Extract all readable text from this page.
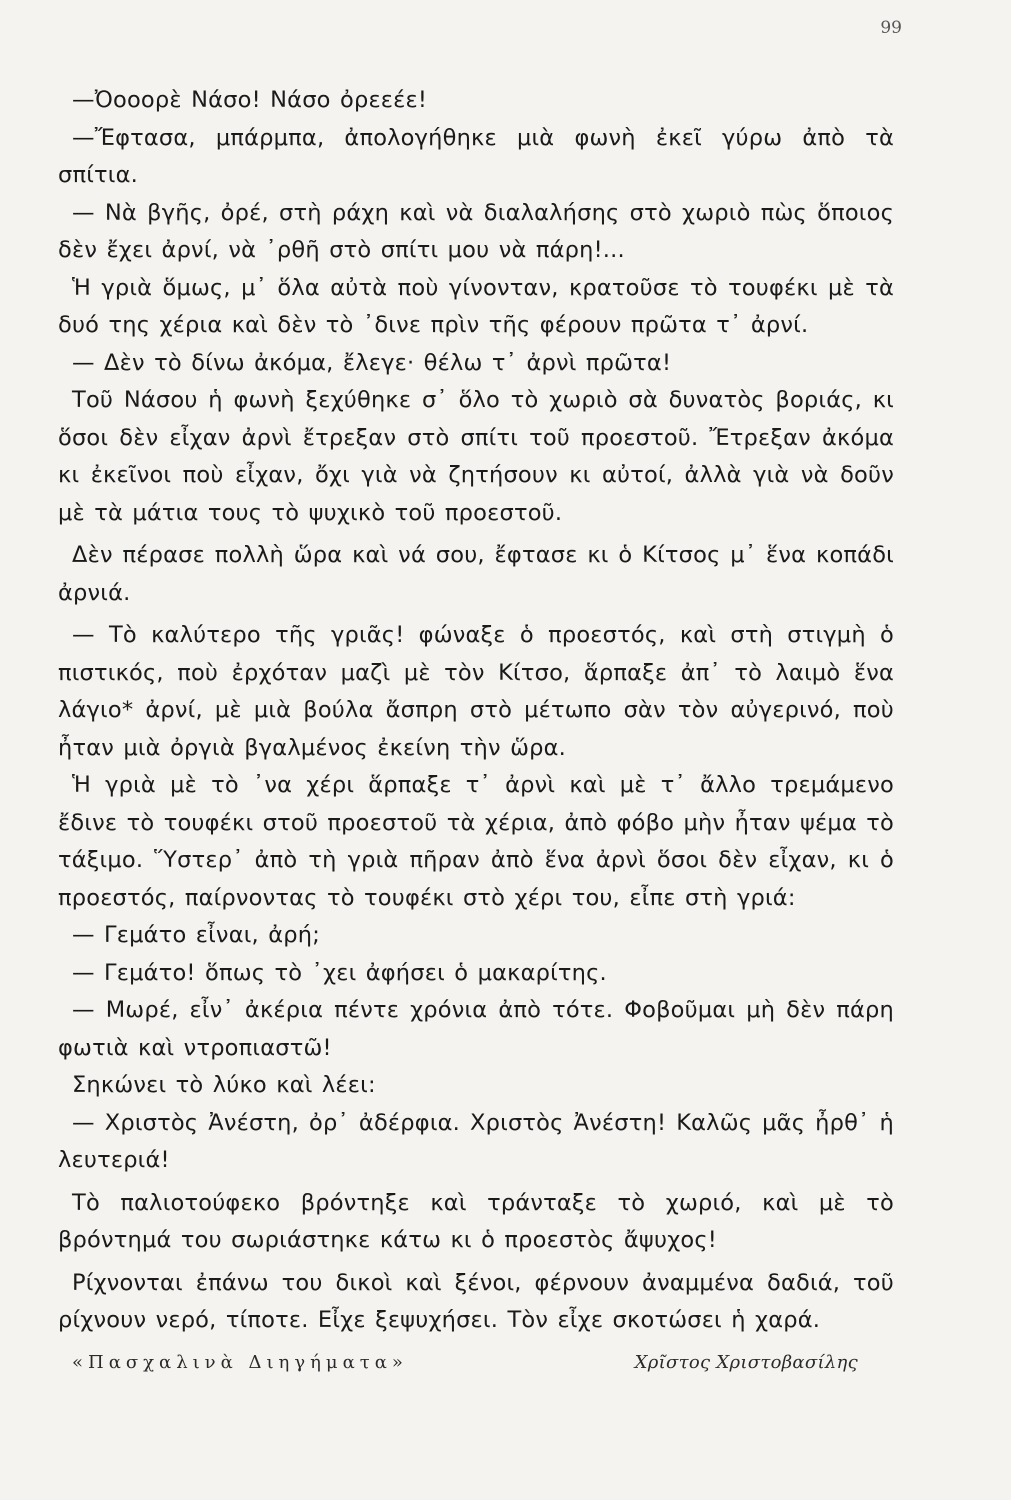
99

—Ὀοοορὲ Νάσο! Νάσο ὀρεεέε!

—Ἔφτασα, μπάρμπα, ἀπολογήθηκε μιὰ φωνὴ ἐκεῖ γύρω ἀπὸ τὰ σπίτια.

— Νὰ βγῆς, ὀρέ, στὴ ράχη καὶ νὰ διαλαλήσης στὸ χωριὸ πὼς ὅποιος δὲν ἔχει ἀρνί, νὰ ᾿ρθῆ στὸ σπίτι μου νὰ πάρη!...

Ἡ γριὰ ὅμως, μ᾿ ὅλα αὐτὰ ποὺ γίνονταν, κρατοῦσε τὸ τουφέκι μὲ τὰ δυό της χέρια καὶ δὲν τὸ ᾿δινε πρὶν τῆς φέρουν πρῶτα τ᾿ ἀρνί.

— Δὲν τὸ δίνω ἀκόμα, ἔλεγε· θέλω τ᾿ ἀρνὶ πρῶτα!

Τοῦ Νάσου ἡ φωνὴ ξεχύθηκε σ᾿ ὅλο τὸ χωριὸ σὰ δυνατὸς βοριάς, κι ὅσοι δὲν εἶχαν ἀρνὶ ἔτρεξαν στὸ σπίτι τοῦ προεστοῦ. Ἔτρεξαν ἀκόμα κι ἐκεῖνοι ποὺ εἶχαν, ὄχι γιὰ νὰ ζητήσουν κι αὐτοί, ἀλλὰ γιὰ νὰ δοῦν μὲ τὰ μάτια τους τὸ ψυχικὸ τοῦ προεστοῦ.

Δὲν πέρασε πολλὴ ὥρα καὶ νά σου, ἔφτασε κι ὁ Κίτσος μ᾿ ἕνα κοπάδι ἀρνιά.

— Τὸ καλύτερο τῆς γριᾶς! φώναξε ὁ προεστός, καὶ στὴ στιγμὴ ὁ πιστικός, ποὺ ἐρχόταν μαζὶ μὲ τὸν Κίτσο, ἅρπαξε ἀπ᾿ τὸ λαιμὸ ἕνα λάγιο* ἀρνί, μὲ μιὰ βούλα ἄσπρη στὸ μέτωπο σὰν τὸν αὐγερινό, ποὺ ἦταν μιὰ ὀργιὰ βγαλμένος ἐκείνη τὴν ὥρα.

Ἡ γριὰ μὲ τὸ ᾿να χέρι ἅρπαξε τ᾿ ἀρνὶ καὶ μὲ τ᾿ ἄλλο τρεμάμενο ἔδινε τὸ τουφέκι στοῦ προεστοῦ τὰ χέρια, ἀπὸ φόβο μὴν ἦταν ψέμα τὸ τάξιμο. Ὕστερ᾿ ἀπὸ τὴ γριὰ πῆραν ἀπὸ ἕνα ἀρνὶ ὅσοι δὲν εἶχαν, κι ὁ προεστός, παίρνοντας τὸ τουφέκι στὸ χέρι του, εἶπε στὴ γριά:

— Γεμάτο εἶναι, ἀρή;

— Γεμάτο! ὅπως τὸ ᾿χει ἀφήσει ὁ μακαρίτης.

— Μωρέ, εἶν᾿ ἀκέρια πέντε χρόνια ἀπὸ τότε. Φοβοῦμαι μὴ δὲν πάρη φωτιὰ καὶ ντροπιαστῶ!

Σηκώνει τὸ λύκο καὶ λέει:

— Χριστὸς Ἀνέστη, ὀρ᾿ ἀδέρφια. Χριστὸς Ἀνέστη! Καλῶς μᾶς ἦρθ᾿ ἡ λευτεριά!

Τὸ παλιοτούφεκο βρόντηξε καὶ τράνταξε τὸ χωριό, καὶ μὲ τὸ βρόντημά του σωριάστηκε κάτω κι ὁ προεστὸς ἄψυχος!

Ρίχνονται ἐπάνω του δικοὶ καὶ ξένοι, φέρνουν ἀναμμένα δαδιά, τοῦ ρίχνουν νερό, τίποτε. Εἶχε ξεψυχήσει. Τὸν εἶχε σκοτώσει ἡ χαρά.

«Πασχαλινὰ Διηγήματα»	Χρῖστος Χριστοβασίλης
